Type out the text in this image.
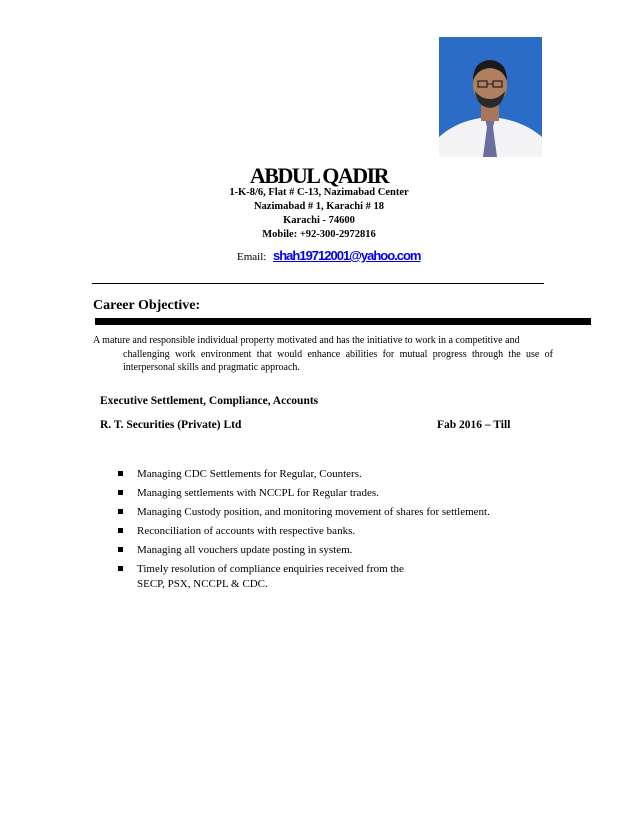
ABDUL QADIR
1-K-8/6, Flat # C-13, Nazimabad Center
Nazimabad # 1, Karachi # 18
Karachi - 74600
Mobile: +92-300-2972816
Email: shah19712001@yahoo.com
Career Objective:
A mature and responsible individual property motivated and has the initiative to work in a competitive and
challenging work environment that would enhance abilities for mutual progress through the use of interpersonal skills and pragmatic approach.
Executive Settlement, Compliance, Accounts
R. T. Securities (Private) Ltd	Fab 2016 – Till
Managing CDC Settlements for Regular, Counters.
Managing settlements with NCCPL for Regular trades.
Managing Custody position, and monitoring movement of shares for settlement.
Reconciliation of accounts with respective banks.
Managing all vouchers update posting in system.
Timely resolution of compliance enquiries received from the SECP, PSX, NCCPL & CDC.
